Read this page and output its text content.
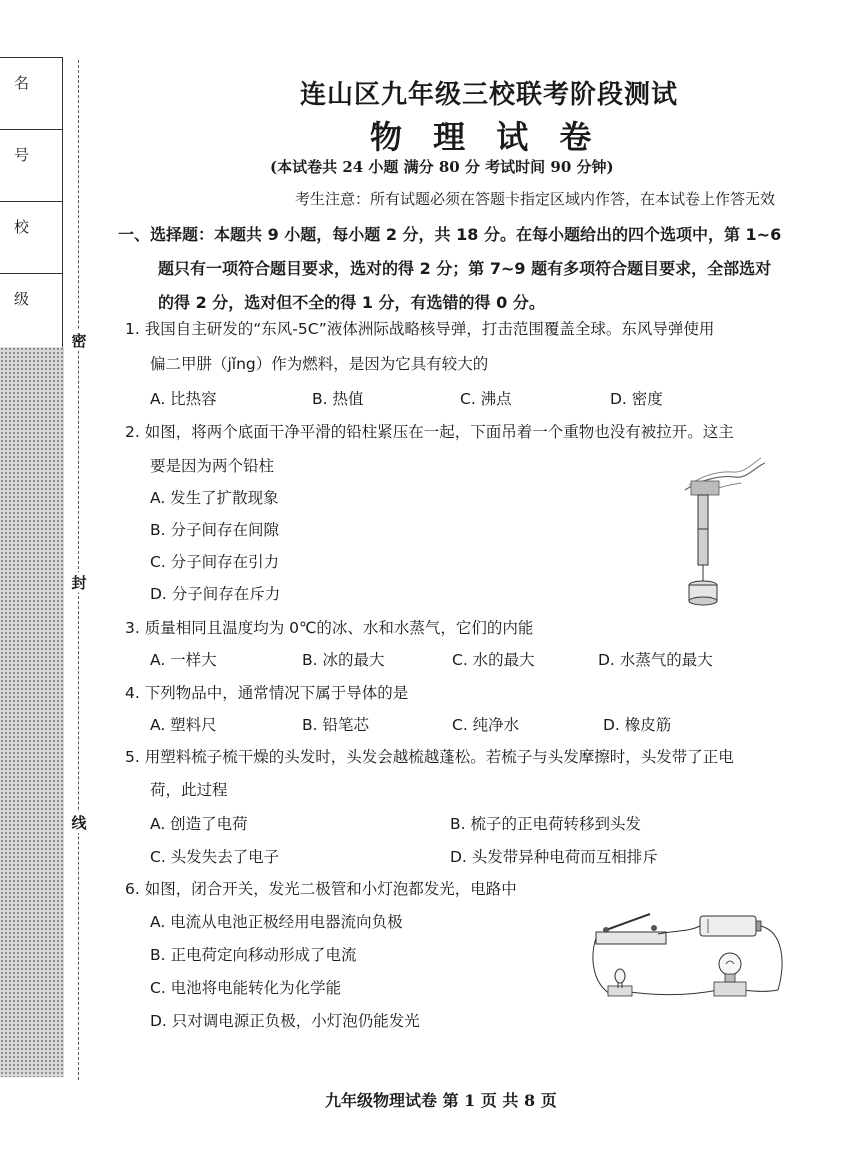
名
号
校
级
密
封
线
连山区九年级三校联考阶段测试
物 理 试 卷
(本试卷共 24 小题 满分 80 分 考试时间 90 分钟)
考生注意：所有试题必须在答题卡指定区域内作答，在本试卷上作答无效
一、选择题：本题共 9 小题，每小题 2 分，共 18 分。在每小题给出的四个选项中，第 1~6
题只有一项符合题目要求，选对的得 2 分；第 7~9 题有多项符合题目要求，全部选对
的得 2 分，选对但不全的得 1 分，有选错的得 0 分。
1. 我国自主研发的“东风-5C”液体洲际战略核导弹，打击范围覆盖全球。东风导弹使用
偏二甲肼（jǐng）作为燃料，是因为它具有较大的
A. 比热容	B. 热值	C. 沸点	D. 密度
2. 如图，将两个底面干净平滑的铅柱紧压在一起，下面吊着一个重物也没有被拉开。这主
要是因为两个铅柱
A. 发生了扩散现象
B. 分子间存在间隙
C. 分子间存在引力
D. 分子间存在斥力
3. 质量相同且温度均为 0℃的冰、水和水蒸气，它们的内能
A. 一样大	B. 冰的最大	C. 水的最大	D. 水蒸气的最大
4. 下列物品中，通常情况下属于导体的是
A. 塑料尺	B. 铅笔芯	C. 纯净水	D. 橡皮筋
5. 用塑料梳子梳干燥的头发时，头发会越梳越蓬松。若梳子与头发摩擦时，头发带了正电
荷，此过程
A. 创造了电荷	B. 梳子的正电荷转移到头发
C. 头发失去了电子	D. 头发带异种电荷而互相排斥
6. 如图，闭合开关，发光二极管和小灯泡都发光，电路中
A. 电流从电池正极经用电器流向负极
B. 正电荷定向移动形成了电流
C. 电池将电能转化为化学能
D. 只对调电源正负极，小灯泡仍能发光
九年级物理试卷 第 1 页 共 8 页
